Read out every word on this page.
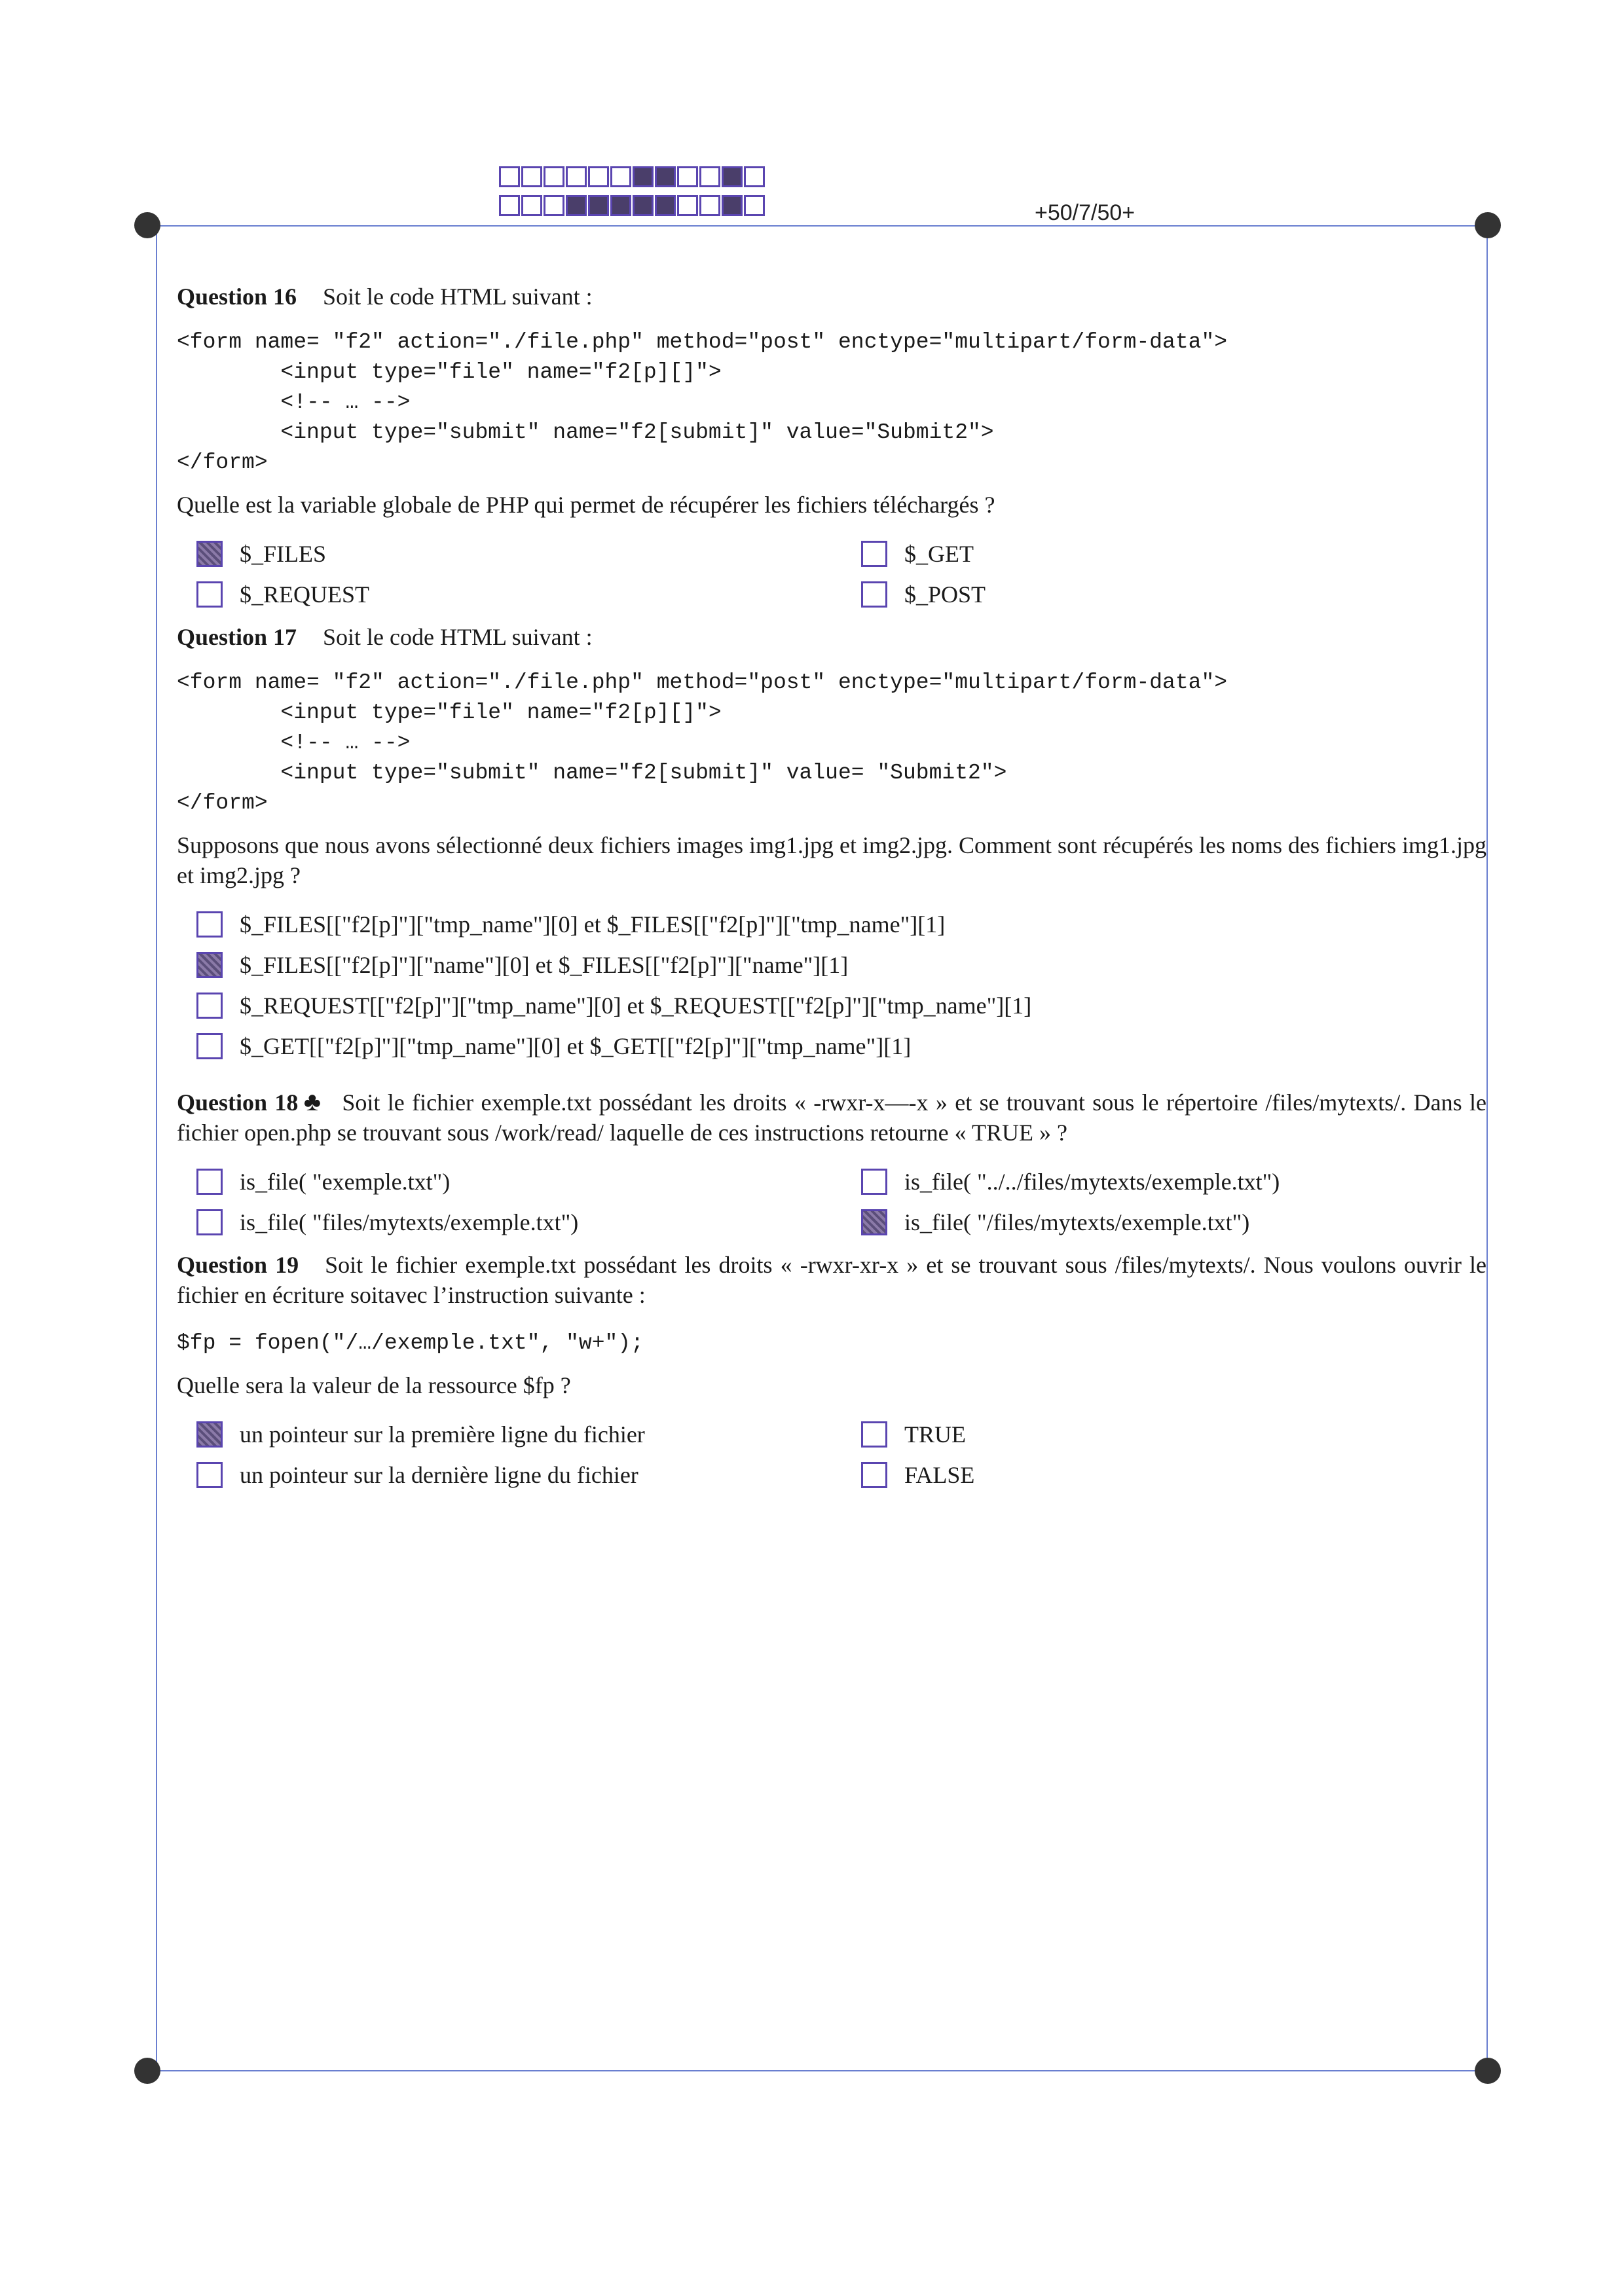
+50/7/50+

Question 16 Soit le code HTML suivant :

<form name= "f2" action="./file.php" method="post" enctype="multipart/form-data">
<input type="file" name="f2[p][]">
<!-- … -->
<input type="submit" name="f2[submit]" value="Submit2">
</form>

Quelle est la variable globale de PHP qui permet de récupérer les fichiers téléchargés ?

$_FILES	$_GET
$_REQUEST	$_POST

Question 17 Soit le code HTML suivant :

<form name= "f2" action="./file.php" method="post" enctype="multipart/form-data">
<input type="file" name="f2[p][]">
<!-- … -->
<input type="submit" name="f2[submit]" value= "Submit2">
</form>

Supposons que nous avons sélectionné deux fichiers images img1.jpg et img2.jpg. Comment sont récupérés les noms des fichiers img1.jpg et img2.jpg ?

$_FILES[["f2[p]"]["tmp_name"][0] et $_FILES[["f2[p]"]["tmp_name"][1]
$_FILES[["f2[p]"]["name"][0] et $_FILES[["f2[p]"]["name"][1]
$_REQUEST[["f2[p]"]["tmp_name"][0] et $_REQUEST[["f2[p]"]["tmp_name"][1]
$_GET[["f2[p]"]["tmp_name"][0] et $_GET[["f2[p]"]["tmp_name"][1]

Question 18 ♣ Soit le fichier exemple.txt possédant les droits « -rwxr-x—-x » et se trouvant sous le répertoire /files/mytexts/. Dans le fichier open.php se trouvant sous /work/read/ laquelle de ces instructions retourne « TRUE » ?

is_file( "exemple.txt")	is_file( "../../files/mytexts/exemple.txt")
is_file( "files/mytexts/exemple.txt")	is_file( "/files/mytexts/exemple.txt")

Question 19 Soit le fichier exemple.txt possédant les droits « -rwxr-xr-x » et se trouvant sous /files/mytexts/. Nous voulons ouvrir le fichier en écriture soitavec l’instruction suivante :

$fp = fopen("/…/exemple.txt", "w+");

Quelle sera la valeur de la ressource $fp ?

un pointeur sur la première ligne du fichier	TRUE
un pointeur sur la dernière ligne du fichier	FALSE
